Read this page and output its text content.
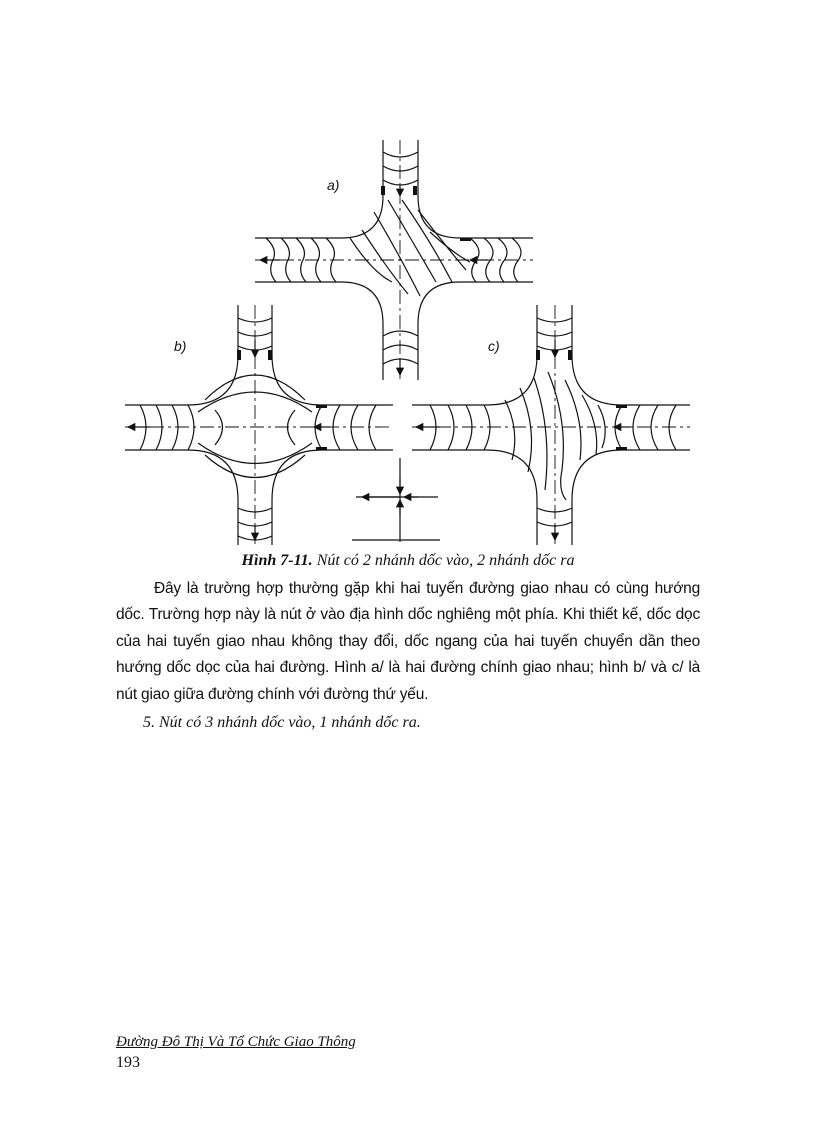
a)
b)	c)

Hình 7-11. Nút có 2 nhánh dốc vào, 2 nhánh dốc ra

Đây là trường hợp thường gặp khi hai tuyến đường giao nhau có cùng hướng dốc. Trường hợp này là nút ở vào địa hình dốc nghiêng một phía. Khi thiết kế, dốc dọc của hai tuyến giao nhau không thay đổi, dốc ngang của hai tuyến chuyển dần theo hướng dốc dọc của hai đường. Hình a/ là hai đường chính giao nhau; hình b/ và c/ là nút giao giữa đường chính với đường thứ yếu.

5. Nút có 3 nhánh dốc vào, 1 nhánh dốc ra.

Đường Đô Thị Và Tổ Chức Giao Thông
193
